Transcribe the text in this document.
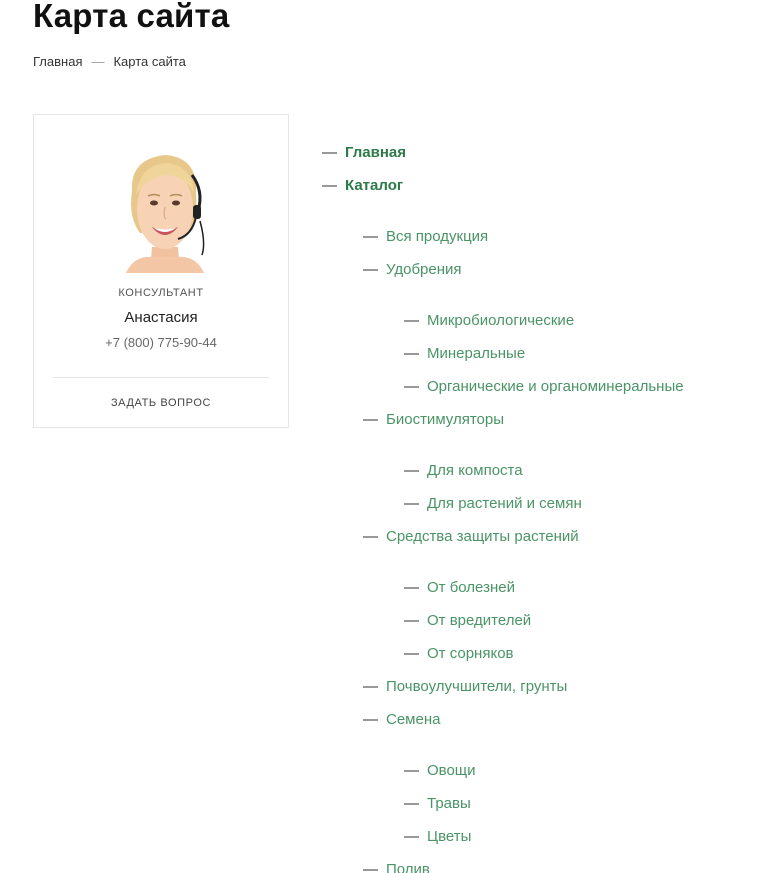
Карта сайта
Главная — Карта сайта
КОНСУЛЬТАНТ
Анастасия
+7 (800) 775-90-44
ЗАДАТЬ ВОПРОС
— Главная
— Каталог
— Вся продукция
— Удобрения
— Микробиологические
— Минеральные
— Органические и органоминеральные
— Биостимуляторы
— Для компоста
— Для растений и семян
— Средства защиты растений
— От болезней
— От вредителей
— От сорняков
— Почвоулучшители, грунты
— Семена
— Овощи
— Травы
— Цветы
— Полив
